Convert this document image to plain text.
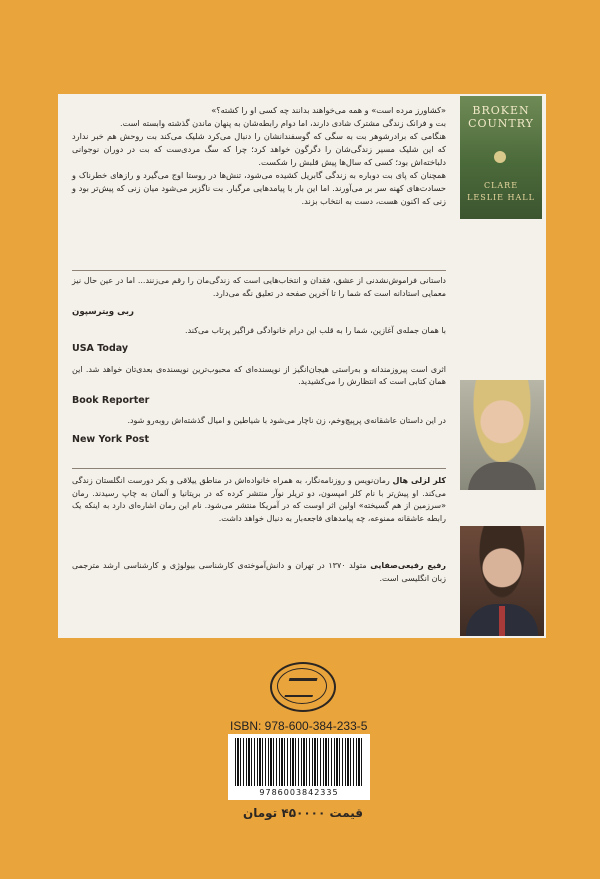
«کشاورز مرده است» و همه می‌خواهند بدانند چه کسی او را کشته؟»

بت و فرانک زندگی مشترک شادی دارند، اما دوام رابطه‌شان به پنهان ماندن گذشته وابسته است.

هنگامی که برادرشوهر بت به سگی که گوسفندانشان را دنبال می‌کرد شلیک می‌کند بت روحش هم خبر ندارد که این شلیک مسیر زندگی‌شان را دگرگون خواهد کرد؛ چرا که سگ مردی‌ست که بت در دوران نوجوانی دلباخته‌اش بود؛ کسی که سال‌ها پیش قلبش را شکست.

همچنان که پای بت دوباره به زندگی گابریل کشیده می‌شود، تنش‌ها در روستا اوج می‌گیرد و رازهای خطرناک و حسادت‌های کهنه سر بر می‌آورند. اما این بار با پیامدهایی مرگبار. بت ناگزیر می‌شود میان زنی که پیش‌تر بود و زنی که اکنون هست، دست به انتخاب بزند.

داستانی فراموش‌نشدنی از عشق، فقدان و انتخاب‌هایی است که زندگی‌مان را رقم می‌زنند... اما در عین حال نیز معمایی استادانه است که شما را تا آخرین صفحه در تعلیق نگه می‌دارد.

ربی ویترسپون

با همان جمله‌ی آغازین، شما را به قلب این درام خانوادگی فراگیر پرتاب می‌کند.

USA Today

اثری است پیروزمندانه و به‌راستی هیجان‌انگیز از نویسنده‌ای که محبوب‌ترین نویسنده‌ی بعدی‌تان خواهد شد. این همان کتابی است که انتظارش را می‌کشیدید.

Book Reporter

در این داستان عاشقانه‌ی پرپیچ‌وخم، زن ناچار می‌شود با شیاطین و امیال گذشته‌اش روبه‌رو شود.

New York Post

کلر لزلی هال رمان‌نویس و روزنامه‌نگار، به همراه خانواده‌اش در مناطق ییلاقی و بکر دورست انگلستان زندگی می‌کند. او پیش‌تر با نام کلر امپسون، دو تریلر نوآر منتشر کرده که در بریتانیا و آلمان به چاپ رسیدند. رمان «سرزمین از هم گسیخته» اولین اثر اوست که در آمریکا منتشر می‌شود. نام این رمان اشاره‌ای دارد به اینکه یک رابطه عاشقانه ممنوعه، چه پیامدهای فاجعه‌بار به دنبال خواهد داشت.
رفیع رفیعی‌صفایی متولد ۱۳۷۰ در تهران و دانش‌آموخته‌ی کارشناسی بیولوژی و کارشناسی ارشد مترجمی زبان انگلیسی است.
BROKEN
COUNTRY
CLARE
LESLIE HALL
ISBN: 978-600-384-233-5
9786003842335
قیمت ۴۵۰۰۰۰ تومان
